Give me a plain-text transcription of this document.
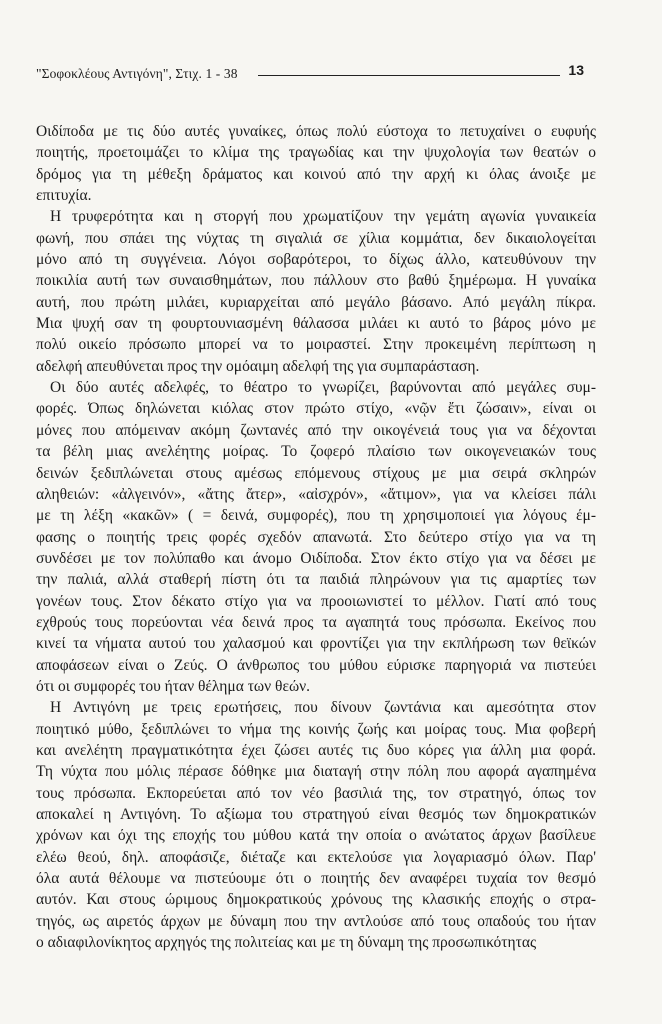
"Σοφοκλέους Αντιγόνη", Στιχ. 1 - 38	13
Οιδίποδα με τις δύο αυτές γυναίκες, όπως πολύ εύστοχα το πετυχαίνει ο ευφυής
ποιητής, προετοιμάζει το κλίμα της τραγωδίας και την ψυχολογία των θεατών ο
δρόμος για τη μέθεξη δράματος και κοινού από την αρχή κι όλας άνοιξε με
επιτυχία.
Η τρυφερότητα και η στοργή που χρωματίζουν την γεμάτη αγωνία γυναικεία
φωνή, που σπάει της νύχτας τη σιγαλιά σε χίλια κομμάτια, δεν δικαιολογείται
μόνο από τη συγγένεια. Λόγοι σοβαρότεροι, το δίχως άλλο, κατευθύνουν την
ποικιλία αυτή των συναισθημάτων, που πάλλουν στο βαθύ ξημέρωμα. Η γυναίκα
αυτή, που πρώτη μιλάει, κυριαρχείται από μεγάλο βάσανο. Από μεγάλη πίκρα.
Μια ψυχή σαν τη φουρτουνιασμένη θάλασσα μιλάει κι αυτό το βάρος μόνο με
πολύ οικείο πρόσωπο μπορεί να το μοιραστεί. Στην προκειμένη περίπτωση η
αδελφή απευθύνεται προς την ομόαιμη αδελφή της για συμπαράσταση.
Οι δύο αυτές αδελφές, το θέατρο το γνωρίζει, βαρύνονται από μεγάλες συμ-
φορές. Όπως δηλώνεται κιόλας στον πρώτο στίχο, «νῷν ἔτι ζώσαιν», είναι οι
μόνες που απόμειναν ακόμη ζωντανές από την οικογένειά τους για να δέχονται
τα βέλη μιας ανελέητης μοίρας. Το ζοφερό πλαίσιο των οικογενειακών τους
δεινών ξεδιπλώνεται στους αμέσως επόμενους στίχους με μια σειρά σκληρών
αληθειών: «ἀλγεινόν», «ἄτης ἄτερ», «αἰσχρόν», «ἄτιμον», για να κλείσει πάλι
με τη λέξη «κακῶν» ( = δεινά, συμφορές), που τη χρησιμοποιεί για λόγους έμ-
φασης ο ποιητής τρεις φορές σχεδόν απανωτά. Στο δεύτερο στίχο για να τη
συνδέσει με τον πολύπαθο και άνομο Οιδίποδα. Στον έκτο στίχο για να δέσει με
την παλιά, αλλά σταθερή πίστη ότι τα παιδιά πληρώνουν για τις αμαρτίες των
γονέων τους. Στον δέκατο στίχο για να προοιωνιστεί το μέλλον. Γιατί από τους
εχθρούς τους πορεύονται νέα δεινά προς τα αγαπητά τους πρόσωπα. Εκείνος που
κινεί τα νήματα αυτού του χαλασμού και φροντίζει για την εκπλήρωση των θεϊκών
αποφάσεων είναι ο Ζεύς. Ο άνθρωπος του μύθου εύρισκε παρηγοριά να πιστεύει
ότι οι συμφορές του ήταν θέλημα των θεών.
Η Αντιγόνη με τρεις ερωτήσεις, που δίνουν ζωντάνια και αμεσότητα στον
ποιητικό μύθο, ξεδιπλώνει το νήμα της κοινής ζωής και μοίρας τους. Μια φοβερή
και ανελέητη πραγματικότητα έχει ζώσει αυτές τις δυο κόρες για άλλη μια φορά.
Τη νύχτα που μόλις πέρασε δόθηκε μια διαταγή στην πόλη που αφορά αγαπημένα
τους πρόσωπα. Εκπορεύεται από τον νέο βασιλιά της, τον στρατηγό, όπως τον
αποκαλεί η Αντιγόνη. Το αξίωμα του στρατηγού είναι θεσμός των δημοκρατικών
χρόνων και όχι της εποχής του μύθου κατά την οποία ο ανώτατος άρχων βασίλευε
ελέω θεού, δηλ. αποφάσιζε, διέταζε και εκτελούσε για λογαριασμό όλων. Παρ'
όλα αυτά θέλουμε να πιστεύουμε ότι ο ποιητής δεν αναφέρει τυχαία τον θεσμό
αυτόν. Και στους ώριμους δημοκρατικούς χρόνους της κλασικής εποχής ο στρα-
τηγός, ως αιρετός άρχων με δύναμη που την αντλούσε από τους οπαδούς του ήταν
ο αδιαφιλονίκητος αρχηγός της πολιτείας και με τη δύναμη της προσωπικότητας
